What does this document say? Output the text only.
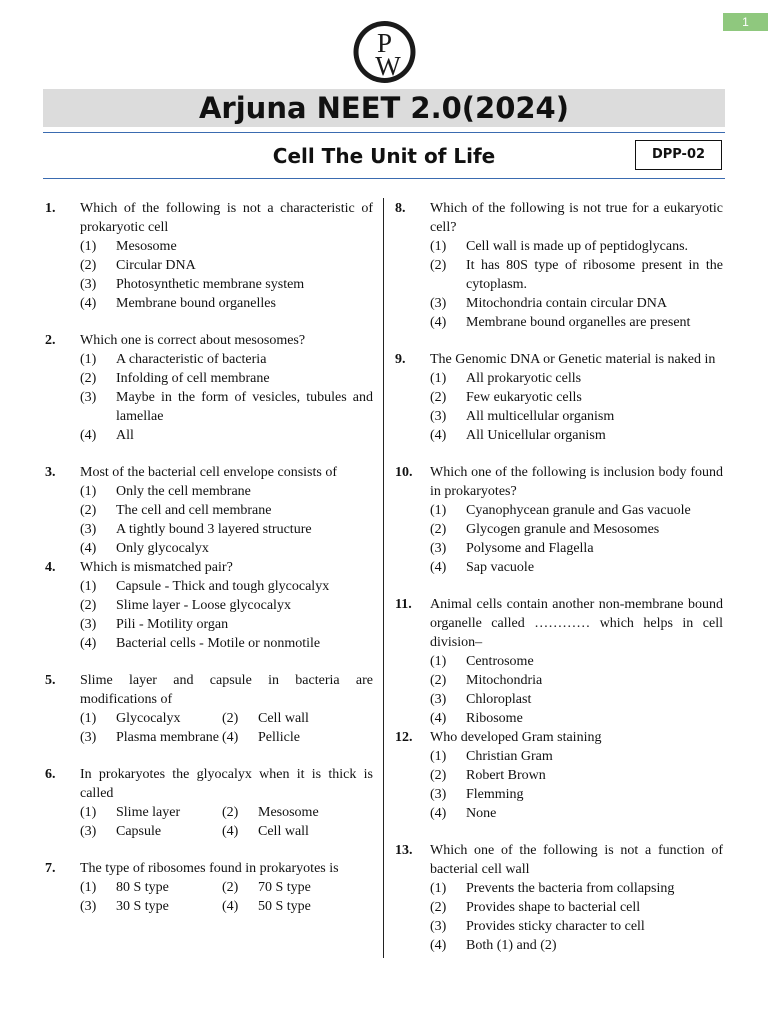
1
P
W
Arjuna NEET 2.0(2024)
Cell The Unit of Life	DPP-02
1. Which of the following is not a characteristic of prokaryotic cell
(1) Mesosome
(2) Circular DNA
(3) Photosynthetic membrane system
(4) Membrane bound organelles
2. Which one is correct about mesosomes?
(1) A characteristic of bacteria
(2) Infolding of cell membrane
(3) Maybe in the form of vesicles, tubules and lamellae
(4) All
3. Most of the bacterial cell envelope consists of
(1) Only the cell membrane
(2) The cell and cell membrane
(3) A tightly bound 3 layered structure
(4) Only glycocalyx
4. Which is mismatched pair?
(1) Capsule - Thick and tough glycocalyx
(2) Slime layer - Loose glycocalyx
(3) Pili - Motility organ
(4) Bacterial cells - Motile or nonmotile
5. Slime layer and capsule in bacteria are modifications of
(1) Glycocalyx	(2) Cell wall
(3) Plasma membrane (4) Pellicle
6. In prokaryotes the glyocalyx when it is thick is called
(1) Slime layer	(2) Mesosome
(3) Capsule	(4) Cell wall
7. The type of ribosomes found in prokaryotes is
(1) 80 S type	(2) 70 S type
(3) 30 S type	(4) 50 S type
8. Which of the following is not true for a eukaryotic cell?
(1) Cell wall is made up of peptidoglycans.
(2) It has 80S type of ribosome present in the cytoplasm.
(3) Mitochondria contain circular DNA
(4) Membrane bound organelles are present
9. The Genomic DNA or Genetic material is naked in
(1) All prokaryotic cells
(2) Few eukaryotic cells
(3) All multicellular organism
(4) All Unicellular organism
10. Which one of the following is inclusion body found in prokaryotes?
(1) Cyanophycean granule and Gas vacuole
(2) Glycogen granule and Mesosomes
(3) Polysome and Flagella
(4) Sap vacuole
11. Animal cells contain another non-membrane bound organelle called ………… which helps in cell division–
(1) Centrosome
(2) Mitochondria
(3) Chloroplast
(4) Ribosome
12. Who developed Gram staining
(1) Christian Gram
(2) Robert Brown
(3) Flemming
(4) None
13. Which one of the following is not a function of bacterial cell wall
(1) Prevents the bacteria from collapsing
(2) Provides shape to bacterial cell
(3) Provides sticky character to cell
(4) Both (1) and (2)
